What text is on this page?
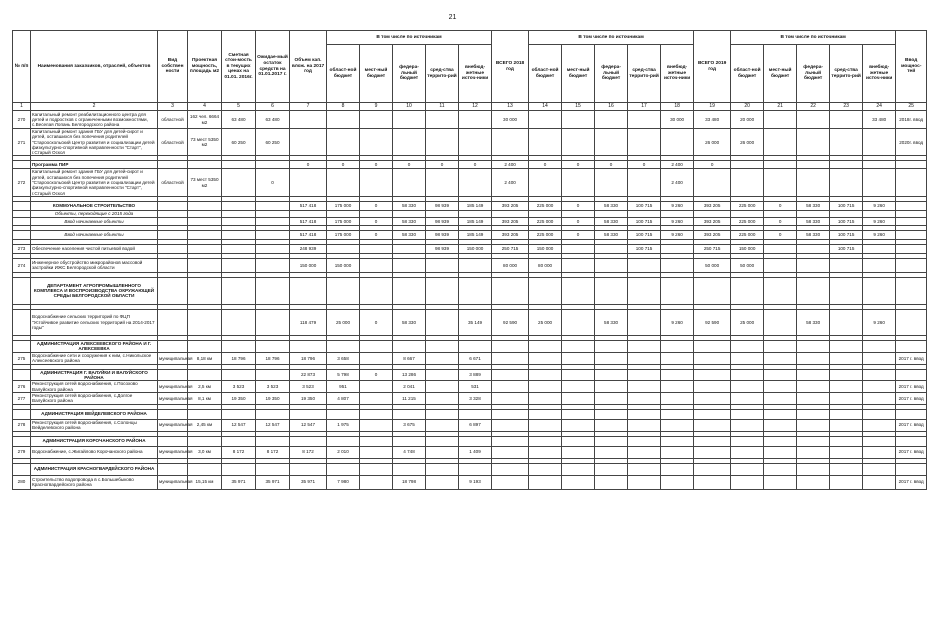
21
№ п/п	Наименования заказчиков, отраслей, объектов	Вид собствен ности	Проектная мощность, площадь м2	Сметная стои-мость в текущих ценах на 01.01. 2016г.	Ожидае-мый остаток средств на 01.01.2017 г.	Объем кап. влож. на 2017 год	В том числе по источникам					ВСЕГО 2018 год	В том числе по источникам					ВСЕГО 2019 год	В том числе по источникам					Ввод мощнос-тей
							област-ной бюджет	мест-ный бюджет	федера-льный бюджет	сред-ства террито-рий	внебюд-жетные источ-ники		област-ной бюджет	мест-ный бюджет	федера-льный бюджет	сред-ства террито-рий	внебюд-жетные источ-ники		област-ной бюджет	мест-ный бюджет	федера-льный бюджет	сред-ства террито-рий	внебюд-жетные источ-ники	
1	2	3	4	5	6	7	8	9	10	11	12	13	14	15	16	17	18	19	20	21	22	23	24	25
270	Капитальный ремонт реабилитационного центра для детей и подростков с ограниченными возможностями, с.Веселая Лопань Белгородского района	областной	162 чел. 6664 м2	63 480	63 480							30 000					30 000	33 480	20 000				33 480	2018г. ввод
271	Капитальный ремонт здания ГБУ для детей-сирот и детей, оставшихся без попечения родителей "Старооскольский Центр развития и социализации детей физкультурно-спортивной направленности "Старт", г.Старый Оскол	областной	73 мест 5350 м2	60 250	60 250													26 000	26 000					2020г. ввод

	Программа ПИР					0	0	0	0	0	0	2 400	0	0	0	0	2 400	0						
272	Капитальный ремонт здания ГБУ для детей-сирот и детей, оставшихся без попечения родителей "Старооскольский Центр развития и социализации детей физкультурно-спортивной направленности "Старт", г.Старый Оскол	областной	73 мест 5350 м2		0							2 400					2 400							

	КОММУНАЛЬНОЕ СТРОИТЕЛЬСТВО					517 418	175 000	0	58 330	98 939	185 149	393 205	225 000	0	58 330	100 715	9 260	393 205	225 000	0	58 330	100 715	9 260	
	Объекты, переходящие с 2015 года																							
	Ввод начинаемые объекты					517 418	175 000	0	58 330	98 939	185 149	393 205	225 000	0	58 330	100 715	9 260	393 205	225 000	0	58 330	100 715	9 260	

	Ввод начинаемые объекты					517 418	175 000	0	58 330	98 939	185 149	393 205	225 000	0	58 330	100 715	9 260	393 205	225 000	0	58 330	100 715	9 260	

273	Обеспечение населения чистой питьевой водой					248 939				98 939	150 000	250 715	150 000			100 715		250 715	150 000			100 715		

274	Инженерное обустройство микрорайонов массовой застройки ИЖС Белгородской области					150 000	150 000					80 000	80 000					50 000	50 000					

	ДЕПАРТАМЕНТ АГРОПРОМЫШЛЕННОГО КОМПЛЕКСА И ВОСПРОИЗВОДСТВА ОКРУЖАЮЩЕЙ СРЕДЫ БЕЛГОРОДСКОЙ ОБЛАСТИ																							

	Водоснабжение сельских территорий по ФЦП "Устойчивое развитие сельских территорий на 2014-2017 годы"					118 479	25 000	0	58 330		35 149	92 590	25 000		58 330		9 260	92 590	25 000		58 330		9 260	

	АДМИНИСТРАЦИЯ АЛЕКСЕЕВСКОГО РАЙОНА И Г. АЛЕКСЕЕВКА																							
275	Водоснабжение сети и сооружения к ним, с.Никольское Алексеевского района	муниципальная	8,18 км	18 796	18 796	18 796	3 658		8 667		6 671													2017 г. ввод

	АДМИНИСТРАЦИЯ Г. ВАЛУЙКИ И ВАЛУЙСКОГО РАЙОНА					22 873	5 798	0	13 286		3 889													
276	Реконструкция сетей водоснабжения, с.Посохово Валуйского района	муниципальная	2,5 км	3 523	3 523	3 523	951		2 041		531													2017 г. ввод
277	Реконструкция сетей водоснабжения, с.Долгое Валуйского района	муниципальная	8,1 км	19 350	19 350	19 350	4 807		11 215		3 328													2017 г. ввод

	АДМИНИСТРАЦИЯ ВЕЙДЕЛЕВСКОГО РАЙОНА																							
278	Реконструкция сетей водоснабжения, с.Солонцы Вейделевского района	муниципальная	2,45 км	12 547	12 547	12 547	1 975		3 675		6 897													2017 г. ввод

	АДМИНИСТРАЦИЯ КОРОЧАНСКОГО РАЙОНА																							
279	Водоснабжение, с.Жигайлово Корочанского района	муниципальная	3,0 км	8 172	8 172	8 172	2 010		4 748		1 409													2017 г. ввод

	АДМИНИСТРАЦИЯ КРАСНОГВАРДЕЙСКОГО РАЙОНА																							
280	Строительство водопровода в с.Большебыково Красногвардейского района	муниципальная	15,15 км	35 971	35 971	35 971	7 980		18 798		9 193													2017 г. ввод
